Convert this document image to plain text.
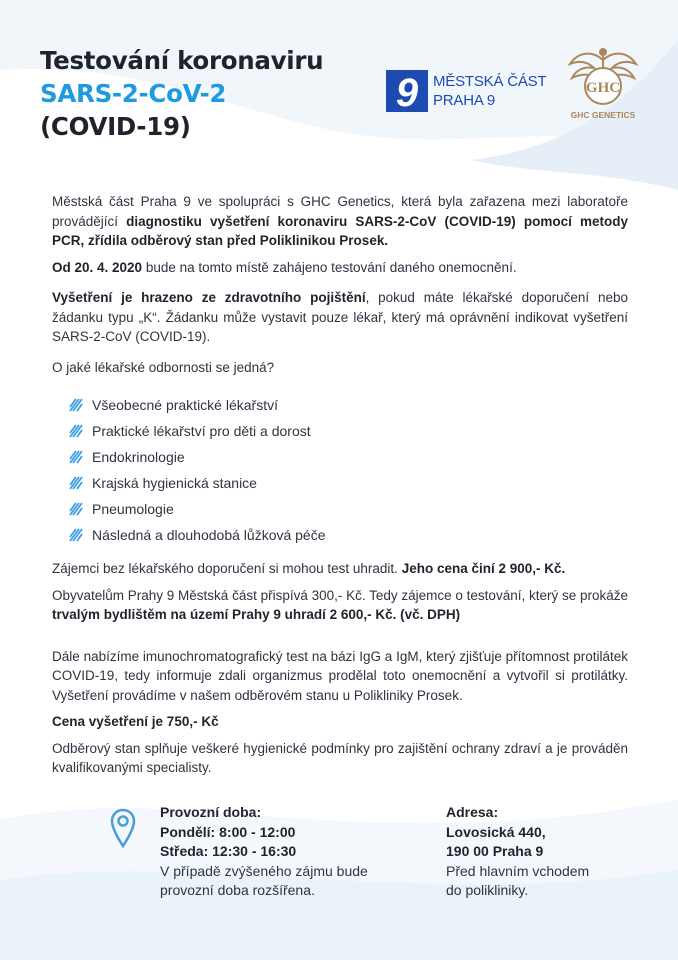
Testování koronaviru
SARS-2-CoV-2
(COVID-19)
9 MĚSTSKÁ ČÁST
PRAHA 9
GHC
GHC GENETICS

Městská část Praha 9 ve spolupráci s GHC Genetics, která byla zařazena mezi laboratoře provádějící diagnostiku vyšetření koronaviru SARS-2-CoV (COVID-19) pomocí metody PCR, zřídila odběrový stan před Poliklinikou Prosek.

Od 20. 4. 2020 bude na tomto místě zahájeno testování daného onemocnění.

Vyšetření je hrazeno ze zdravotního pojištění, pokud máte lékařské doporučení nebo žádanku typu „K“. Žádanku může vystavit pouze lékař, který má oprávnění indikovat vyšetření SARS-2-CoV (COVID-19).

O jaké lékařské odbornosti se jedná?

Všeobecné praktické lékařství
Praktické lékařství pro děti a dorost
Endokrinologie
Krajská hygienická stanice
Pneumologie
Následná a dlouhodobá lůžková péče

Zájemci bez lékařského doporučení si mohou test uhradit. Jeho cena činí 2 900,- Kč.

Obyvatelům Prahy 9 Městská část přispívá 300,- Kč. Tedy zájemce o testování, který se prokáže trvalým bydlištěm na území Prahy 9 uhradí 2 600,- Kč. (vč. DPH)

Dále nabízíme imunochromatografický test na bázi IgG a IgM, který zjišťuje přítomnost protilátek COVID-19, tedy informuje zdali organizmus prodělal toto onemocnění a vytvořil si protilátky. Vyšetření provádíme v našem odběrovém stanu u Polikliniky Prosek.

Cena vyšetření je 750,- Kč

Odběrový stan splňuje veškeré hygienické podmínky pro zajištění ochrany zdraví a je prováděn kvalifikovanými specialisty.

Provozní doba:
Pondělí: 8:00 - 12:00
Středa: 12:30 - 16:30
V případě zvýšeného zájmu bude
provozní doba rozšířena.
Adresa:
Lovosická 440,
190 00 Praha 9
Před hlavním vchodem
do polikliniky.
